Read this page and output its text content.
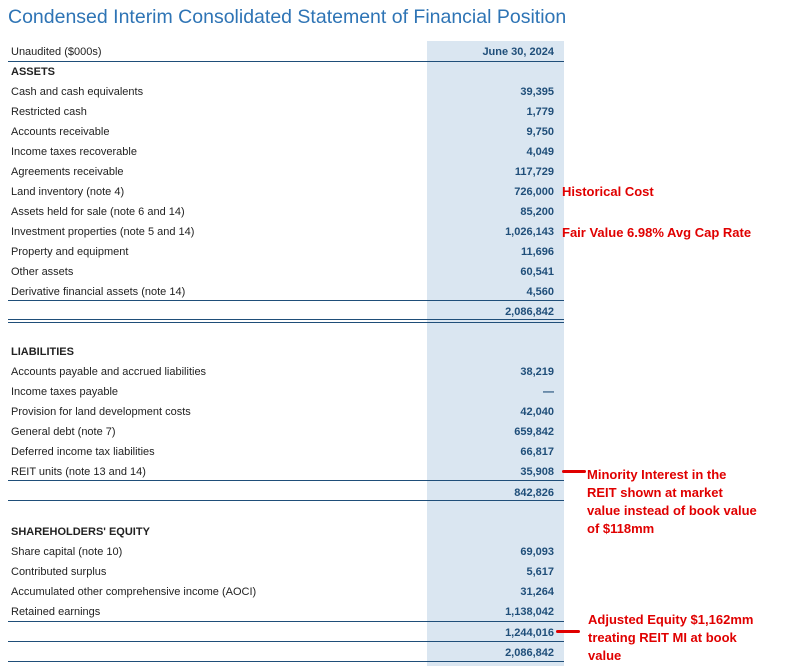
Condensed Interim Consolidated Statement of Financial Position
Unaudited ($000s)	June 30, 2024
ASSETS
Cash and cash equivalents	39,395
Restricted cash	1,779
Accounts receivable	9,750
Income taxes recoverable	4,049
Agreements receivable	117,729
Land inventory (note 4)	726,000
Assets held for sale (note 6 and 14)	85,200
Investment properties (note 5 and 14)	1,026,143
Property and equipment	11,696
Other assets	60,541
Derivative financial assets (note 14)	4,560
2,086,842
LIABILITIES
Accounts payable and accrued liabilities	38,219
Income taxes payable	—
Provision for land development costs	42,040
General debt (note 7)	659,842
Deferred income tax liabilities	66,817
REIT units (note 13 and 14)	35,908
842,826
SHAREHOLDERS' EQUITY
Share capital (note 10)	69,093
Contributed surplus	5,617
Accumulated other comprehensive income (AOCI)	31,264
Retained earnings	1,138,042
1,244,016
2,086,842
Historical Cost
Fair Value 6.98% Avg Cap Rate
Minority Interest in the
REIT shown at market
value instead of book value
of $118mm
Adjusted Equity $1,162mm
treating REIT MI at book
value
